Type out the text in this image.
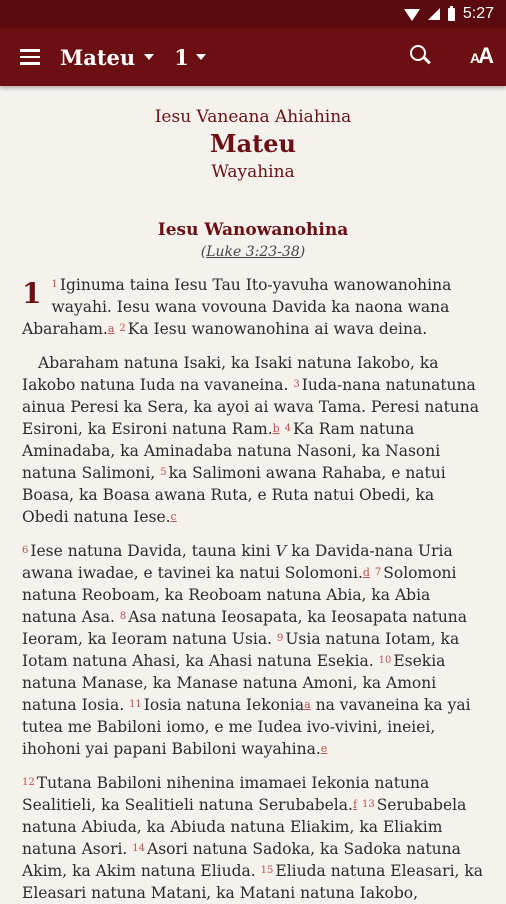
5:27
Mateu 1	AA
Iesu Vaneana Ahiahina
Mateu
Wayahina
Iesu Wanowanohina
(Luke 3:23-38)

1 $^1$ Iginuma taina Iesu Tau Ito-yavuha wanowanohina wayahi. Iesu wana vovouna Davida ka naona wana Abaraham.$^a$ $^2$ Ka Iesu wanowanohina ai wava deina.

Abaraham natuna Isaki, ka Isaki natuna Iakobo, ka Iakobo natuna Iuda na vavaneina. $^3$ Iuda-nana natunatuna ainua Peresi ka Sera, ka ayoi ai wava Tama. Peresi natuna Esironi, ka Esironi natuna Ram.$^b$ $^4$ Ka Ram natuna Aminadaba, ka Aminadaba natuna Nasoni, ka Nasoni natuna Salimoni, $^5$ ka Salimoni awana Rahaba, e natui Boasa, ka Boasa awana Ruta, e Ruta natui Obedi, ka Obedi natuna Iese.$^c$

$^6$ Iese natuna Davida, tauna kini V ka Davida-nana Uria awana iwadae, e tavinei ka natui Solomoni.$^d$ $^7$ Solomoni natuna Reoboam, ka Reoboam natuna Abia, ka Abia natuna Asa. $^8$ Asa natuna Ieosapata, ka Ieosapata natuna Ieoram, ka Ieoram natuna Usia. $^9$ Usia natuna Iotam, ka Iotam natuna Ahasi, ka Ahasi natuna Esekia. $^{10}$ Esekia natuna Manase, ka Manase natuna Amoni, ka Amoni natuna Iosia. $^{11}$ Iosia natuna Iekonia$^a$ na vavaneina ka yai tutea me Babiloni iomo, e me Iudea ivo-vivini, ineiei, ihohoni yai papani Babiloni wayahina.$^e$

$^{12}$ Tutana Babiloni nihenina imamaei Iekonia natuna Sealitieli, ka Sealitieli natuna Serubabela.$^f$ $^{13}$ Serubabela natuna Abiuda, ka Abiuda natuna Eliakim, ka Eliakim natuna Asori. $^{14}$ Asori natuna Sadoka, ka Sadoka natuna Akim, ka Akim natuna Eliuda. $^{15}$ Eliuda natuna Eleasari, ka Eleasari natuna Matani, ka Matani natuna Iakobo,
